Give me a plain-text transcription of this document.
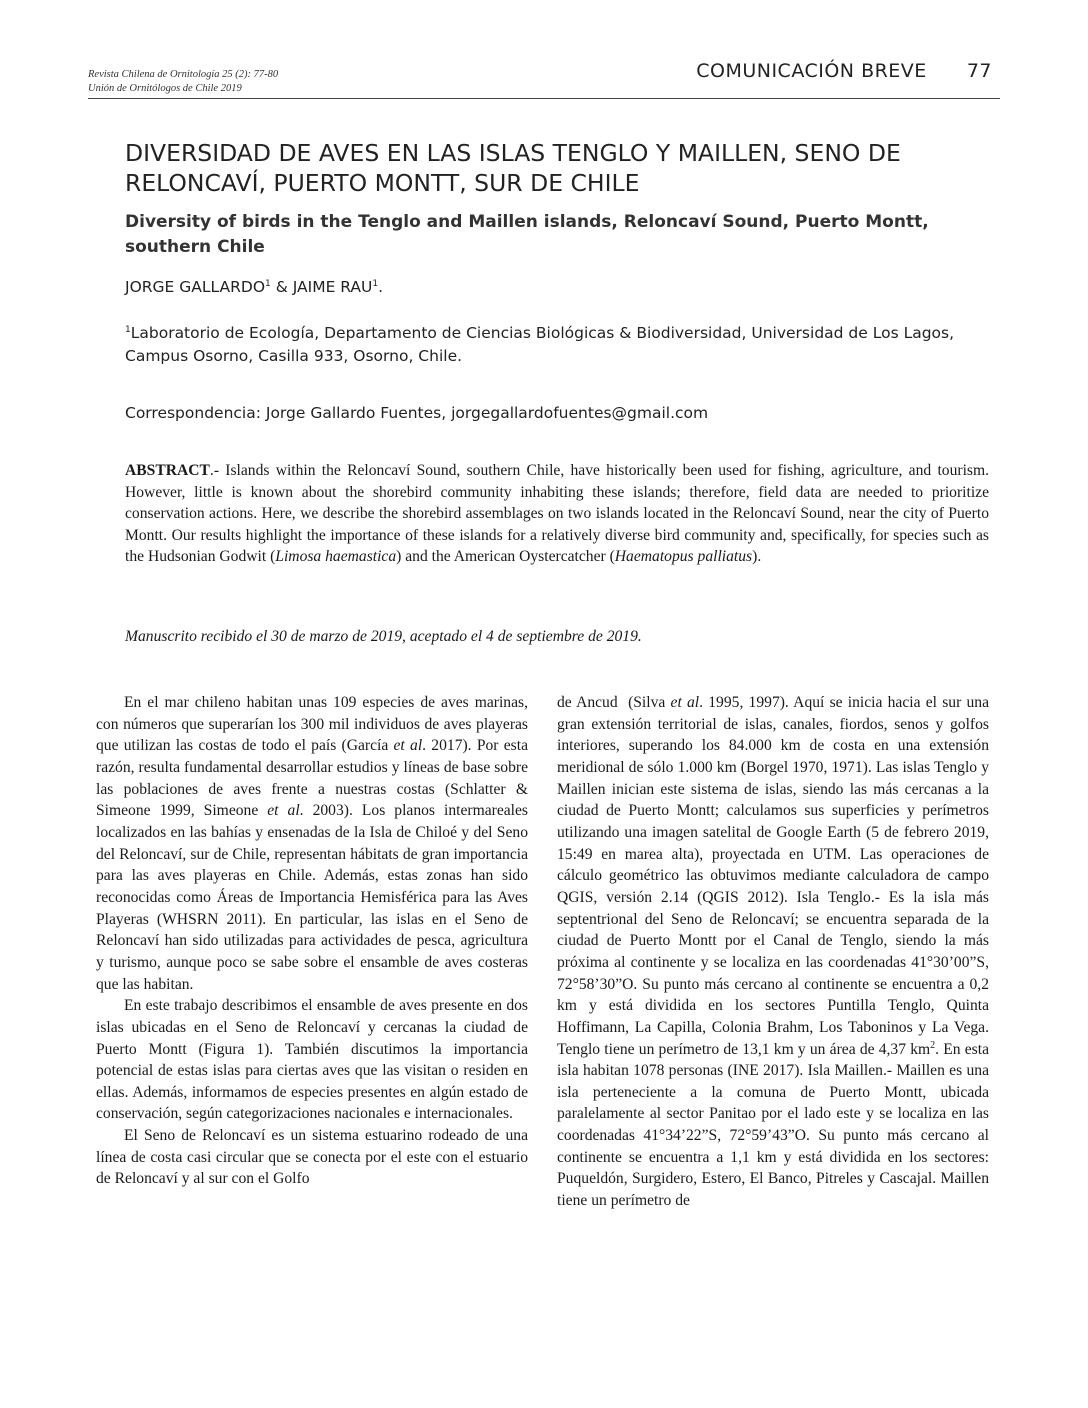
Revista Chilena de Ornitología 25 (2): 77-80
Unión de Ornitólogos de Chile 2019
COMUNICACIÓN BREVE 77
DIVERSIDAD DE AVES EN LAS ISLAS TENGLO Y MAILLEN, SENO DE RELONCAVÍ, PUERTO MONTT, SUR DE CHILE
Diversity of birds in the Tenglo and Maillen islands, Reloncaví Sound, Puerto Montt, southern Chile
JORGE GALLARDO$^1$ & JAIME RAU$^1$.
$^1$Laboratorio de Ecología, Departamento de Ciencias Biológicas & Biodiversidad, Universidad de Los Lagos, Campus Osorno, Casilla 933, Osorno, Chile.
Correspondencia: Jorge Gallardo Fuentes, jorgegallardofuentes@gmail.com
ABSTRACT.- Islands within the Reloncaví Sound, southern Chile, have historically been used for fishing, agriculture, and tourism. However, little is known about the shorebird community inhabiting these islands; therefore, field data are needed to prioritize conservation actions. Here, we describe the shorebird assemblages on two islands located in the Reloncaví Sound, near the city of Puerto Montt. Our results highlight the importance of these islands for a relatively diverse bird community and, specifically, for species such as the Hudsonian Godwit (Limosa haemastica) and the American Oystercatcher (Haematopus palliatus).
Manuscrito recibido el 30 de marzo de 2019, aceptado el 4 de septiembre de 2019.

En el mar chileno habitan unas 109 especies de aves marinas, con números que superarían los 300 mil individuos de aves playeras que utilizan las costas de todo el país (García et al. 2017). Por esta razón, resulta fundamental desarrollar estudios y líneas de base sobre las poblaciones de aves frente a nuestras costas (Schlatter & Simeone 1999, Simeone et al. 2003). Los planos intermareales localizados en las bahías y ensenadas de la Isla de Chiloé y del Seno del Reloncaví, sur de Chile, representan hábitats de gran importancia para las aves playeras en Chile. Además, estas zonas han sido reconocidas como Áreas de Importancia Hemisférica para las Aves Playeras (WHSRN 2011). En particular, las islas en el Seno de Reloncaví han sido utilizadas para actividades de pesca, agricultura y turismo, aunque poco se sabe sobre el ensamble de aves costeras que las habitan.

En este trabajo describimos el ensamble de aves presente en dos islas ubicadas en el Seno de Reloncaví y cercanas la ciudad de Puerto Montt (Figura 1). También discutimos la importancia potencial de estas islas para ciertas aves que las visitan o residen en ellas. Además, informamos de especies presentes en algún estado de conservación, según categorizaciones nacionales e internacionales.

El Seno de Reloncaví es un sistema estuarino rodeado de una línea de costa casi circular que se conecta por el este con el estuario de Reloncaví y al sur con el Golfo

de Ancud  (Silva et al. 1995, 1997). Aquí se inicia hacia el sur una gran extensión territorial de islas, canales, fiordos, senos y golfos interiores, superando los 84.000 km de costa en una extensión meridional de sólo 1.000 km (Borgel 1970, 1971). Las islas Tenglo y Maillen inician este sistema de islas, siendo las más cercanas a la ciudad de Puerto Montt; calculamos sus superficies y perímetros utilizando una imagen satelital de Google Earth (5 de febrero 2019, 15:49 en marea alta), proyectada en UTM. Las operaciones de cálculo geométrico las obtuvimos mediante calculadora de campo QGIS, versión 2.14 (QGIS 2012). Isla Tenglo.- Es la isla más septentrional del Seno de Reloncaví; se encuentra separada de la ciudad de Puerto Montt por el Canal de Tenglo, siendo la más próxima al continente y se localiza en las coordenadas 41°30’00”S, 72°58’30”O. Su punto más cercano al continente se encuentra a 0,2 km y está dividida en los sectores Puntilla Tenglo, Quinta Hoffimann, La Capilla, Colonia Brahm, Los Taboninos y La Vega. Tenglo tiene un perímetro de 13,1 km y un área de 4,37 $km^2$. En esta isla habitan 1078 personas (INE 2017). Isla Maillen.- Maillen es una isla perteneciente a la comuna de Puerto Montt, ubicada paralelamente al sector Panitao por el lado este y se localiza en las coordenadas 41°34’22”S, 72°59’43”O. Su punto más cercano al continente se encuentra a 1,1 km y está dividida en los sectores: Puqueldón, Surgidero, Estero, El Banco, Pitreles y Cascajal. Maillen tiene un perímetro de
